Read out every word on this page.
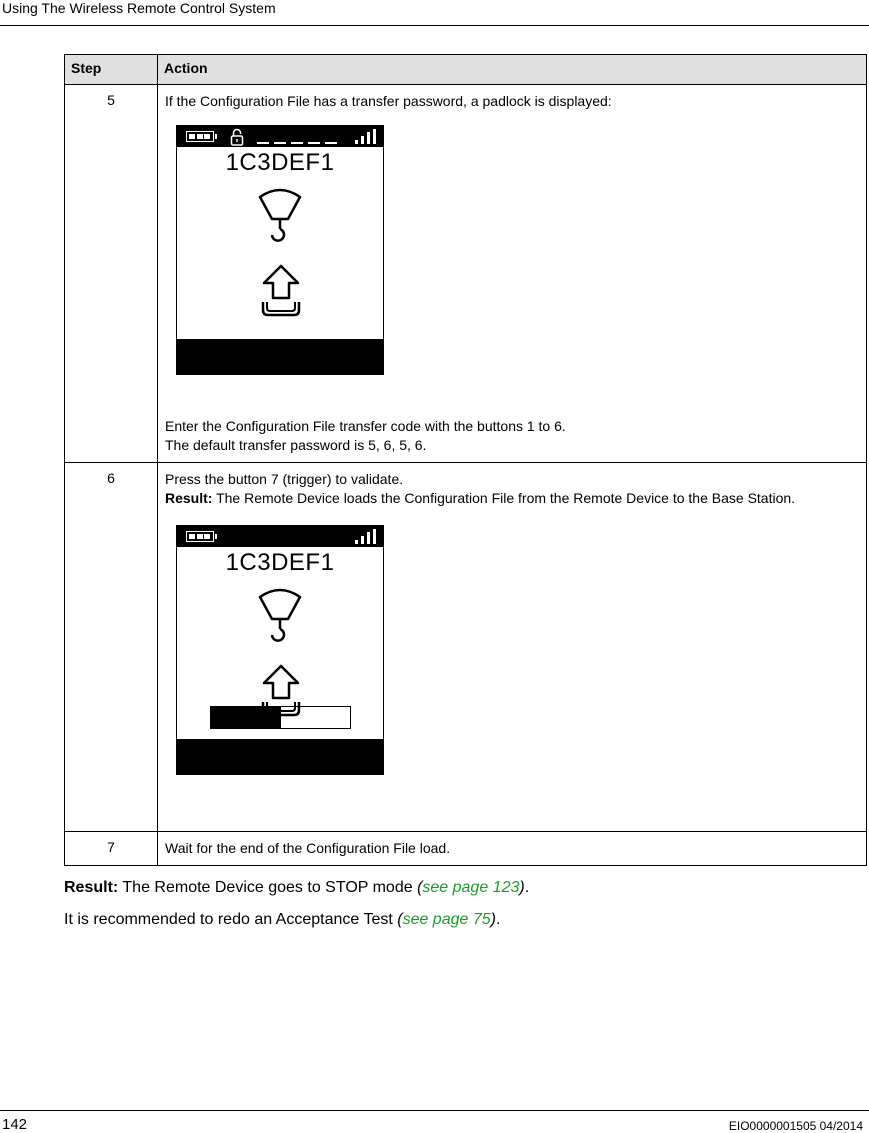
Using The Wireless Remote Control System
Step	Action
5	If the Configuration File has a transfer password, a padlock is displayed:
1C3DEF1
Enter the Configuration File transfer code with the buttons 1 to 6.
The default transfer password is 5, 6, 5, 6.

6	Press the button 7 (trigger) to validate.
Result: The Remote Device loads the Configuration File from the Remote Device to the Base Station.
1C3DEF1

7	Wait for the end of the Configuration File load.
Result: The Remote Device goes to STOP mode (see page 123).
It is recommended to redo an Acceptance Test (see page 75).
142	EIO0000001505 04/2014
